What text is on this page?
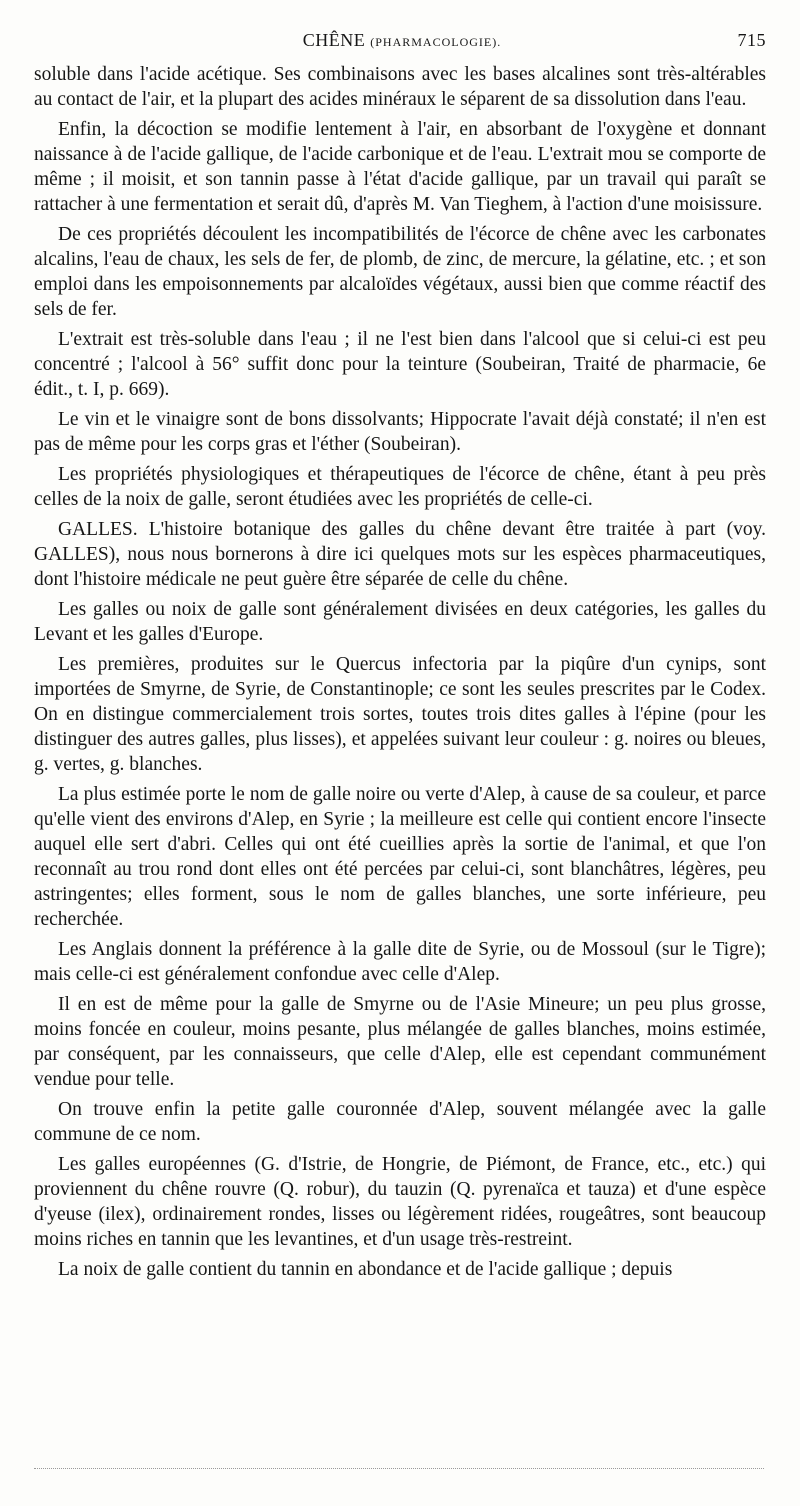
CHÊNE (PHARMACOLOGIE).	715

soluble dans l'acide acétique. Ses combinaisons avec les bases alcalines sont très-altérables au contact de l'air, et la plupart des acides minéraux le séparent de sa dissolution dans l'eau.

Enfin, la décoction se modifie lentement à l'air, en absorbant de l'oxygène et donnant naissance à de l'acide gallique, de l'acide carbonique et de l'eau. L'extrait mou se comporte de même ; il moisit, et son tannin passe à l'état d'acide gallique, par un travail qui paraît se rattacher à une fermentation et serait dû, d'après M. Van Tieghem, à l'action d'une moisissure.

De ces propriétés découlent les incompatibilités de l'écorce de chêne avec les carbonates alcalins, l'eau de chaux, les sels de fer, de plomb, de zinc, de mercure, la gélatine, etc. ; et son emploi dans les empoisonnements par alcaloïdes végétaux, aussi bien que comme réactif des sels de fer.

L'extrait est très-soluble dans l'eau ; il ne l'est bien dans l'alcool que si celui-ci est peu concentré ; l'alcool à 56° suffit donc pour la teinture (Soubeiran, Traité de pharmacie, 6e édit., t. I, p. 669).

Le vin et le vinaigre sont de bons dissolvants; Hippocrate l'avait déjà constaté; il n'en est pas de même pour les corps gras et l'éther (Soubeiran).

Les propriétés physiologiques et thérapeutiques de l'écorce de chêne, étant à peu près celles de la noix de galle, seront étudiées avec les propriétés de celle-ci.

GALLES. L'histoire botanique des galles du chêne devant être traitée à part (voy. GALLES), nous nous bornerons à dire ici quelques mots sur les espèces pharmaceutiques, dont l'histoire médicale ne peut guère être séparée de celle du chêne.

Les galles ou noix de galle sont généralement divisées en deux catégories, les galles du Levant et les galles d'Europe.

Les premières, produites sur le Quercus infectoria par la piqûre d'un cynips, sont importées de Smyrne, de Syrie, de Constantinople; ce sont les seules prescrites par le Codex. On en distingue commercialement trois sortes, toutes trois dites galles à l'épine (pour les distinguer des autres galles, plus lisses), et appelées suivant leur couleur : g. noires ou bleues, g. vertes, g. blanches.

La plus estimée porte le nom de galle noire ou verte d'Alep, à cause de sa couleur, et parce qu'elle vient des environs d'Alep, en Syrie ; la meilleure est celle qui contient encore l'insecte auquel elle sert d'abri. Celles qui ont été cueillies après la sortie de l'animal, et que l'on reconnaît au trou rond dont elles ont été percées par celui-ci, sont blanchâtres, légères, peu astringentes; elles forment, sous le nom de galles blanches, une sorte inférieure, peu recherchée.

Les Anglais donnent la préférence à la galle dite de Syrie, ou de Mossoul (sur le Tigre); mais celle-ci est généralement confondue avec celle d'Alep.

Il en est de même pour la galle de Smyrne ou de l'Asie Mineure; un peu plus grosse, moins foncée en couleur, moins pesante, plus mélangée de galles blanches, moins estimée, par conséquent, par les connaisseurs, que celle d'Alep, elle est cependant communément vendue pour telle.

On trouve enfin la petite galle couronnée d'Alep, souvent mélangée avec la galle commune de ce nom.

Les galles européennes (G. d'Istrie, de Hongrie, de Piémont, de France, etc., etc.) qui proviennent du chêne rouvre (Q. robur), du tauzin (Q. pyrenaïca et tauza) et d'une espèce d'yeuse (ilex), ordinairement rondes, lisses ou légèrement ridées, rougeâtres, sont beaucoup moins riches en tannin que les levantines, et d'un usage très-restreint.

La noix de galle contient du tannin en abondance et de l'acide gallique ; depuis
